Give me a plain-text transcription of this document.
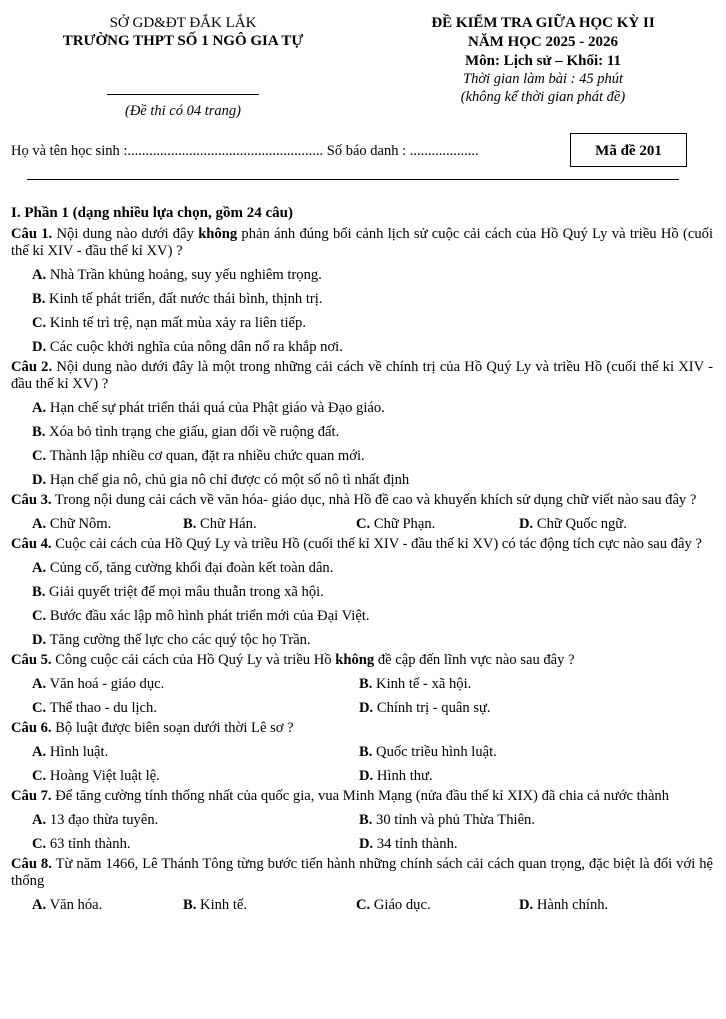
SỞ GD&ĐT ĐẮK LẮK
TRƯỜNG THPT SỐ 1 NGÔ GIA TỰ
(Đề thi có 04 trang)
ĐỀ KIỂM TRA GIỮA HỌC KỲ II
NĂM HỌC 2025 - 2026
Môn: Lịch sử – Khối: 11
Thời gian làm bài : 45 phút
(không kể thời gian phát đề)
Họ và tên học sinh :...................................................... Số báo danh : ...................	Mã đề 201
I. Phần 1 (dạng nhiều lựa chọn, gồm 24 câu)
Câu 1. Nội dung nào dưới đây không phản ánh đúng bối cảnh lịch sử cuộc cải cách của Hồ Quý Ly và triều Hồ (cuối thế kỉ XIV - đầu thế kỉ XV) ?
A. Nhà Trần khủng hoảng, suy yếu nghiêm trọng.
B. Kinh tế phát triển, đất nước thái bình, thịnh trị.
C. Kinh tế trì trệ, nạn mất mùa xảy ra liên tiếp.
D. Các cuộc khởi nghĩa của nông dân nổ ra khắp nơi.
Câu 2. Nội dung nào dưới đây là một trong những cải cách về chính trị của Hồ Quý Ly và triều Hồ (cuối thế kỉ XIV - đầu thế kỉ XV) ?
A. Hạn chế sự phát triển thái quá của Phật giáo và Đạo giáo.
B. Xóa bỏ tình trạng che giấu, gian dối về ruộng đất.
C. Thành lập nhiều cơ quan, đặt ra nhiều chức quan mới.
D. Hạn chế gia nô, chủ gia nô chỉ được có một số nô tì nhất định
Câu 3. Trong nội dung cải cách về văn hóa- giáo dục, nhà Hồ đề cao và khuyến khích sử dụng chữ viết nào sau đây ?
A. Chữ Nôm.	B. Chữ Hán.	C. Chữ Phạn.	D. Chữ Quốc ngữ.
Câu 4. Cuộc cải cách của Hồ Quý Ly và triều Hồ (cuối thế kỉ XIV - đầu thế kỉ XV) có tác động tích cực nào sau đây ?
A. Củng cố, tăng cường khối đại đoàn kết toàn dân.
B. Giải quyết triệt để mọi mâu thuẫn trong xã hội.
C. Bước đầu xác lập mô hình phát triển mới của Đại Việt.
D. Tăng cường thế lực cho các quý tộc họ Trần.
Câu 5. Công cuộc cải cách của Hồ Quý Ly và triều Hồ không đề cập đến lĩnh vực nào sau đây ?
A. Văn hoá - giáo dục.	B. Kinh tế - xã hội.
C. Thể thao - du lịch.	D. Chính trị - quân sự.
Câu 6. Bộ luật được biên soạn dưới thời Lê sơ ?
A. Hình luật.	B. Quốc triều hình luật.
C. Hoàng Việt luật lệ.	D. Hình thư.
Câu 7. Để tăng cường tính thống nhất của quốc gia, vua Minh Mạng (nửa đầu thế kỉ XIX) đã chia cả nước thành
A. 13 đạo thừa tuyên.	B. 30 tỉnh và phủ Thừa Thiên.
C. 63 tỉnh thành.	D. 34 tỉnh thành.
Câu 8. Từ năm 1466, Lê Thánh Tông từng bước tiến hành những chính sách cải cách quan trọng, đặc biệt là đối với hệ thống
A. Văn hóa.	B. Kinh tế.	C. Giáo dục.	D. Hành chính.
